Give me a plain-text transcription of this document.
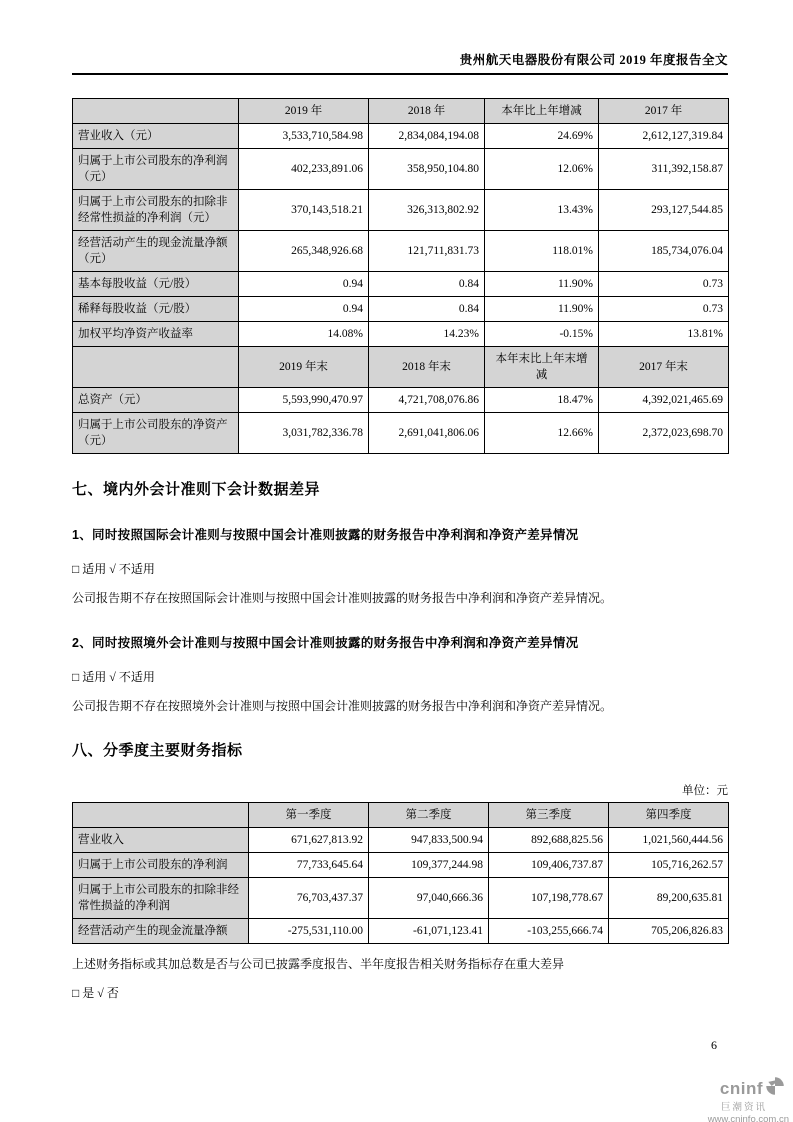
贵州航天电器股份有限公司 2019 年度报告全文
	2019 年	2018 年	本年比上年增减	2017 年
营业收入（元）	3,533,710,584.98	2,834,084,194.08	24.69%	2,612,127,319.84
归属于上市公司股东的净利润（元）	402,233,891.06	358,950,104.80	12.06%	311,392,158.87
归属于上市公司股东的扣除非经常性损益的净利润（元）	370,143,518.21	326,313,802.92	13.43%	293,127,544.85
经营活动产生的现金流量净额（元）	265,348,926.68	121,711,831.73	118.01%	185,734,076.04
基本每股收益（元/股）	0.94	0.84	11.90%	0.73
稀释每股收益（元/股）	0.94	0.84	11.90%	0.73
加权平均净资产收益率	14.08%	14.23%	-0.15%	13.81%
	2019 年末	2018 年末	本年末比上年末增减	2017 年末
总资产（元）	5,593,990,470.97	4,721,708,076.86	18.47%	4,392,021,465.69
归属于上市公司股东的净资产（元）	3,031,782,336.78	2,691,041,806.06	12.66%	2,372,023,698.70
七、境内外会计准则下会计数据差异
1、同时按照国际会计准则与按照中国会计准则披露的财务报告中净利润和净资产差异情况
□ 适用 √ 不适用
公司报告期不存在按照国际会计准则与按照中国会计准则披露的财务报告中净利润和净资产差异情况。
2、同时按照境外会计准则与按照中国会计准则披露的财务报告中净利润和净资产差异情况
□ 适用 √ 不适用
公司报告期不存在按照境外会计准则与按照中国会计准则披露的财务报告中净利润和净资产差异情况。
八、分季度主要财务指标
单位：元
	第一季度	第二季度	第三季度	第四季度
营业收入	671,627,813.92	947,833,500.94	892,688,825.56	1,021,560,444.56
归属于上市公司股东的净利润	77,733,645.64	109,377,244.98	109,406,737.87	105,716,262.57
归属于上市公司股东的扣除非经常性损益的净利润	76,703,437.37	97,040,666.36	107,198,778.67	89,200,635.81
经营活动产生的现金流量净额	-275,531,110.00	-61,071,123.41	-103,255,666.74	705,206,826.83
上述财务指标或其加总数是否与公司已披露季度报告、半年度报告相关财务指标存在重大差异
□ 是 √ 否
6
cninf
巨潮资讯
www.cninfo.com.cn
